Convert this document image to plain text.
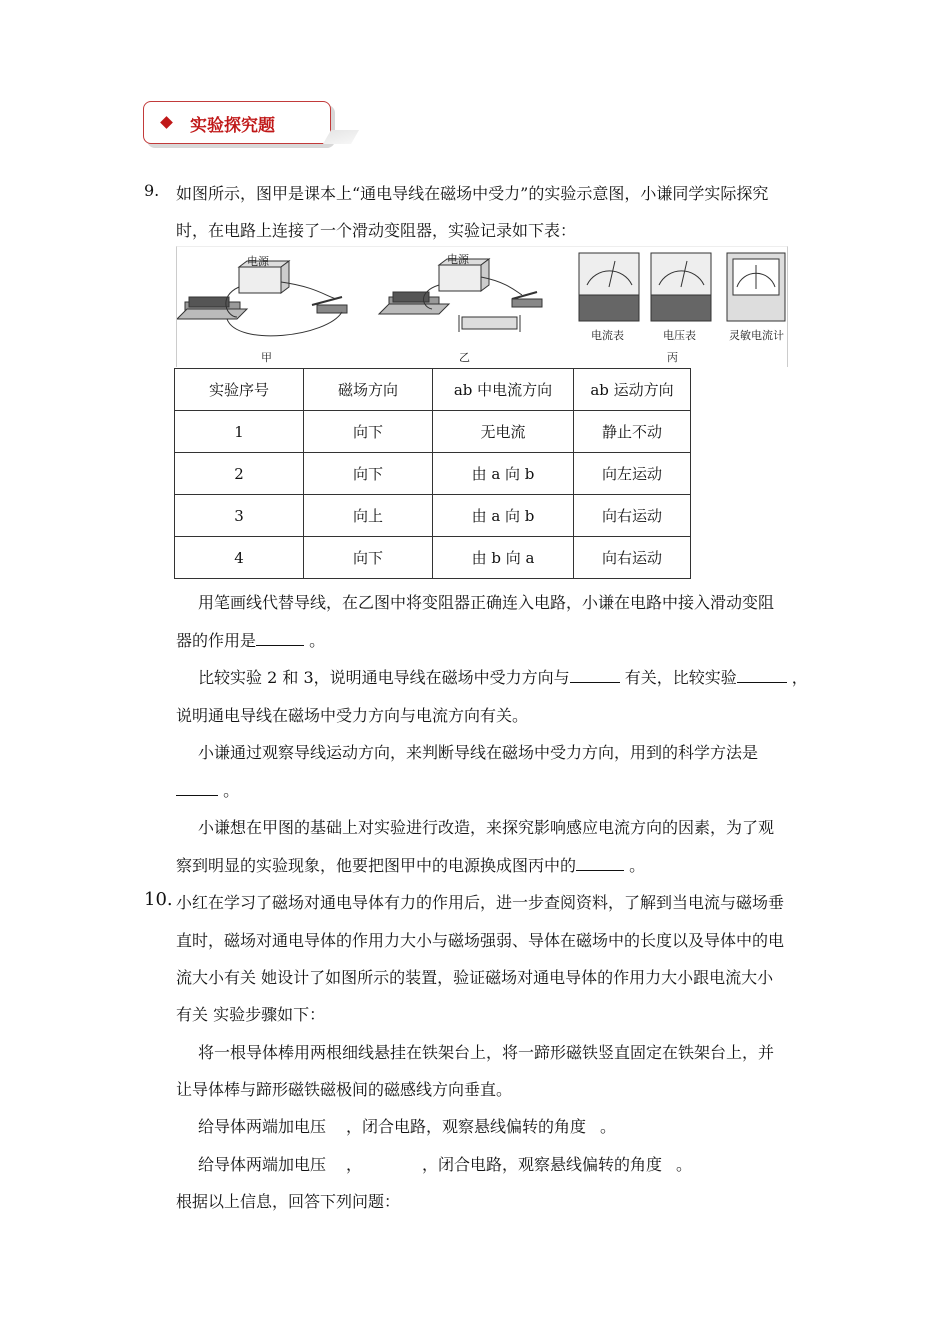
实验探究题
9. 如图所示，图甲是课本上“通电导线在磁场中受力”的实验示意图，小谦同学实际探究
时，在电路上连接了一个滑动变阻器，实验记录如下表：
电源	电源
电流表	电压表	灵敏电流计
甲	乙	丙
实验序号	磁场方向	ab 中电流方向	ab 运动方向
1	向下	无电流	静止不动
2	向下	由 a 向 b	向左运动
3	向上	由 a 向 b	向右运动
4	向下	由 b 向 a	向右运动
用笔画线代替导线，在乙图中将变阻器正确连入电路，小谦在电路中接入滑动变阻
器的作用是	。
比较实验 2 和 3，说明通电导线在磁场中受力方向与	有关，比较实验	，
说明通电导线在磁场中受力方向与电流方向有关。
小谦通过观察导线运动方向，来判断导线在磁场中受力方向，用到的科学方法是
。
小谦想在甲图的基础上对实验进行改造，来探究影响感应电流方向的因素，为了观
察到明显的实验现象，他要把图甲中的电源换成图丙中的	。
10. 小红在学习了磁场对通电导体有力的作用后，进一步查阅资料，了解到当电流与磁场垂
直时，磁场对通电导体的作用力大小与磁场强弱、导体在磁场中的长度以及导体中的电
流大小有关 她设计了如图所示的装置，验证磁场对通电导体的作用力大小跟电流大小
有关 实验步骤如下：
将一根导体棒用两根细线悬挂在铁架台上，将一蹄形磁铁竖直固定在铁架台上，并
让导体棒与蹄形磁铁磁极间的磁感线方向垂直。
给导体两端加电压 ，闭合电路，观察悬线偏转的角度 。
给导体两端加电压 ，	，闭合电路，观察悬线偏转的角度 。
根据以上信息，回答下列问题：
